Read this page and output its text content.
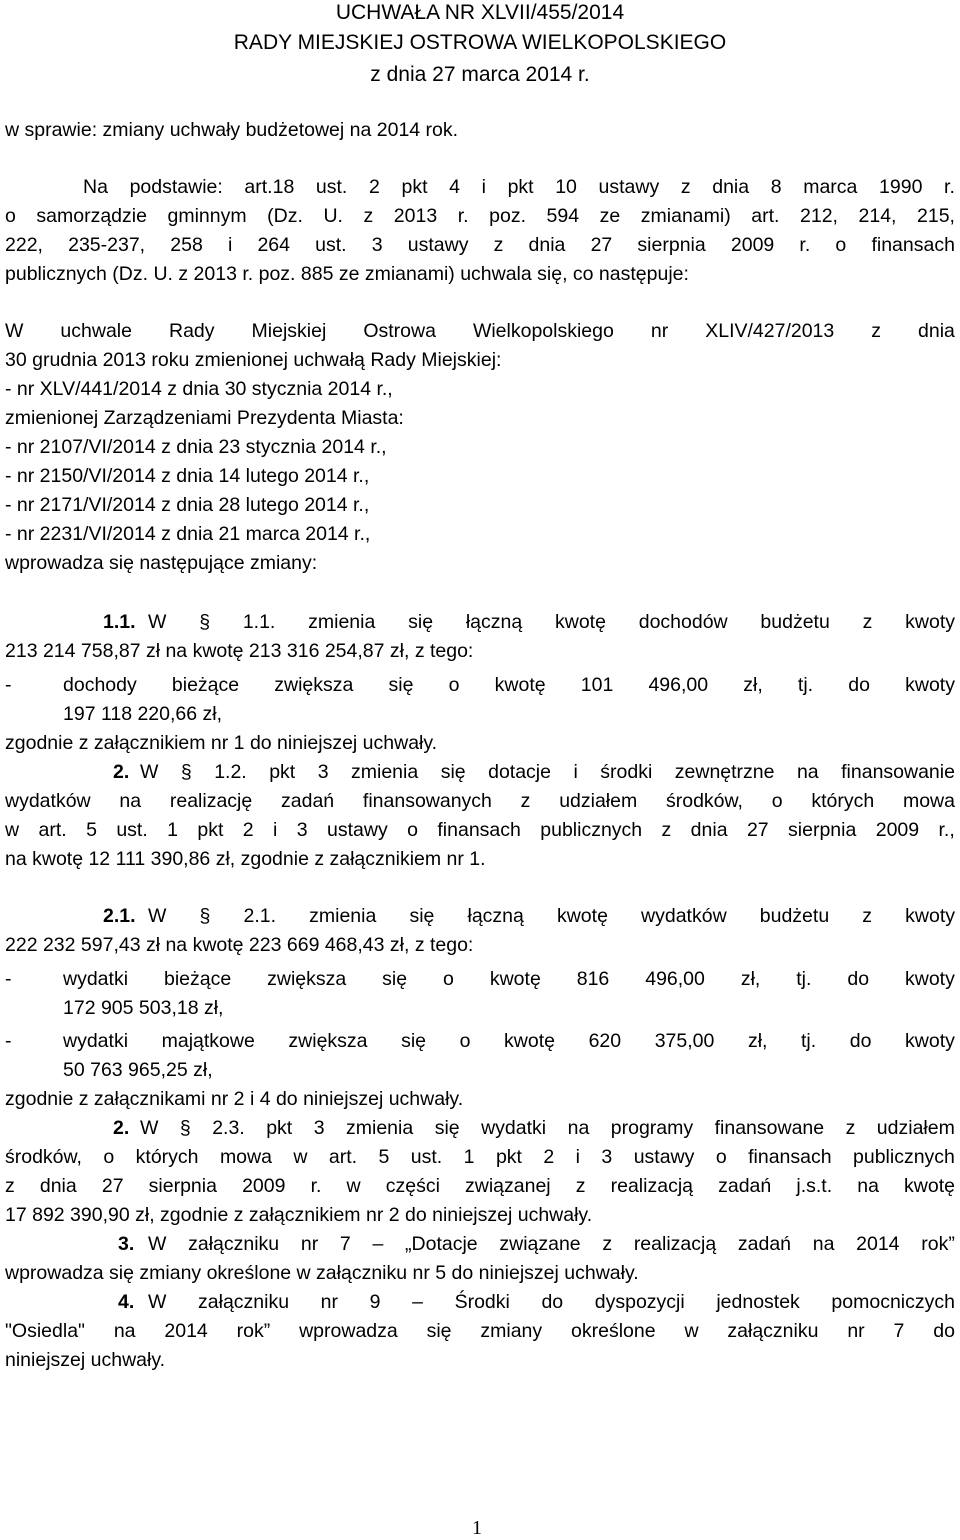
UCHWAŁA NR XLVII/455/2014
RADY MIEJSKIEJ OSTROWA WIELKOPOLSKIEGO
z dnia 27 marca 2014 r.
w sprawie: zmiany uchwały budżetowej na 2014 rok.
Na podstawie: art.18 ust. 2 pkt 4 i pkt 10 ustawy z dnia 8 marca 1990 r.
o samorządzie gminnym (Dz. U. z 2013 r. poz. 594 ze zmianami) art. 212, 214, 215,
222, 235-237, 258 i 264 ust. 3 ustawy z dnia 27 sierpnia 2009 r. o finansach
publicznych (Dz. U. z 2013 r. poz. 885 ze zmianami) uchwala się, co następuje:
W uchwale Rady Miejskiej Ostrowa Wielkopolskiego nr XLIV/427/2013 z dnia
30 grudnia 2013 roku zmienionej uchwałą Rady Miejskiej:
- nr XLV/441/2014 z dnia 30 stycznia 2014 r.,
zmienionej Zarządzeniami Prezydenta Miasta:
- nr 2107/VI/2014 z dnia 23 stycznia 2014 r.,
- nr 2150/VI/2014 z dnia 14 lutego 2014 r.,
- nr 2171/VI/2014 z dnia 28 lutego 2014 r.,
- nr 2231/VI/2014 z dnia 21 marca 2014 r.,
wprowadza się następujące zmiany:
1.1. W § 1.1. zmienia się łączną kwotę dochodów budżetu z kwoty
213 214 758,87 zł na kwotę 213 316 254,87 zł, z tego:
-	dochody bieżące zwiększa się o kwotę 101 496,00 zł, tj. do kwoty
197 118 220,66 zł,
zgodnie z załącznikiem nr 1 do niniejszej uchwały.
2. W § 1.2. pkt 3 zmienia się dotacje i środki zewnętrzne na finansowanie
wydatków na realizację zadań finansowanych z udziałem środków, o których mowa
w art. 5 ust. 1 pkt 2 i 3 ustawy o finansach publicznych z dnia 27 sierpnia 2009 r.,
na kwotę 12 111 390,86 zł, zgodnie z załącznikiem nr 1.
2.1. W § 2.1. zmienia się łączną kwotę wydatków budżetu z kwoty
222 232 597,43 zł na kwotę 223 669 468,43 zł, z tego:
-	wydatki bieżące zwiększa się o kwotę 816 496,00 zł, tj. do kwoty
172 905 503,18 zł,
-	wydatki majątkowe zwiększa się o kwotę 620 375,00 zł, tj. do kwoty
50 763 965,25 zł,
zgodnie z załącznikami nr 2 i 4 do niniejszej uchwały.
2. W § 2.3. pkt 3 zmienia się wydatki na programy finansowane z udziałem
środków, o których mowa w art. 5 ust. 1 pkt 2 i 3 ustawy o finansach publicznych
z dnia 27 sierpnia 2009 r. w części związanej z realizacją zadań j.s.t. na kwotę
17 892 390,90 zł, zgodnie z załącznikiem nr 2 do niniejszej uchwały.
3. W załączniku nr 7 – „Dotacje związane z realizacją zadań na 2014 rok”
wprowadza się zmiany określone w załączniku nr 5 do niniejszej uchwały.
4. W załączniku nr 9 – Środki do dyspozycji jednostek pomocniczych
"Osiedla" na 2014 rok” wprowadza się zmiany określone w załączniku nr 7 do
niniejszej uchwały.
1
